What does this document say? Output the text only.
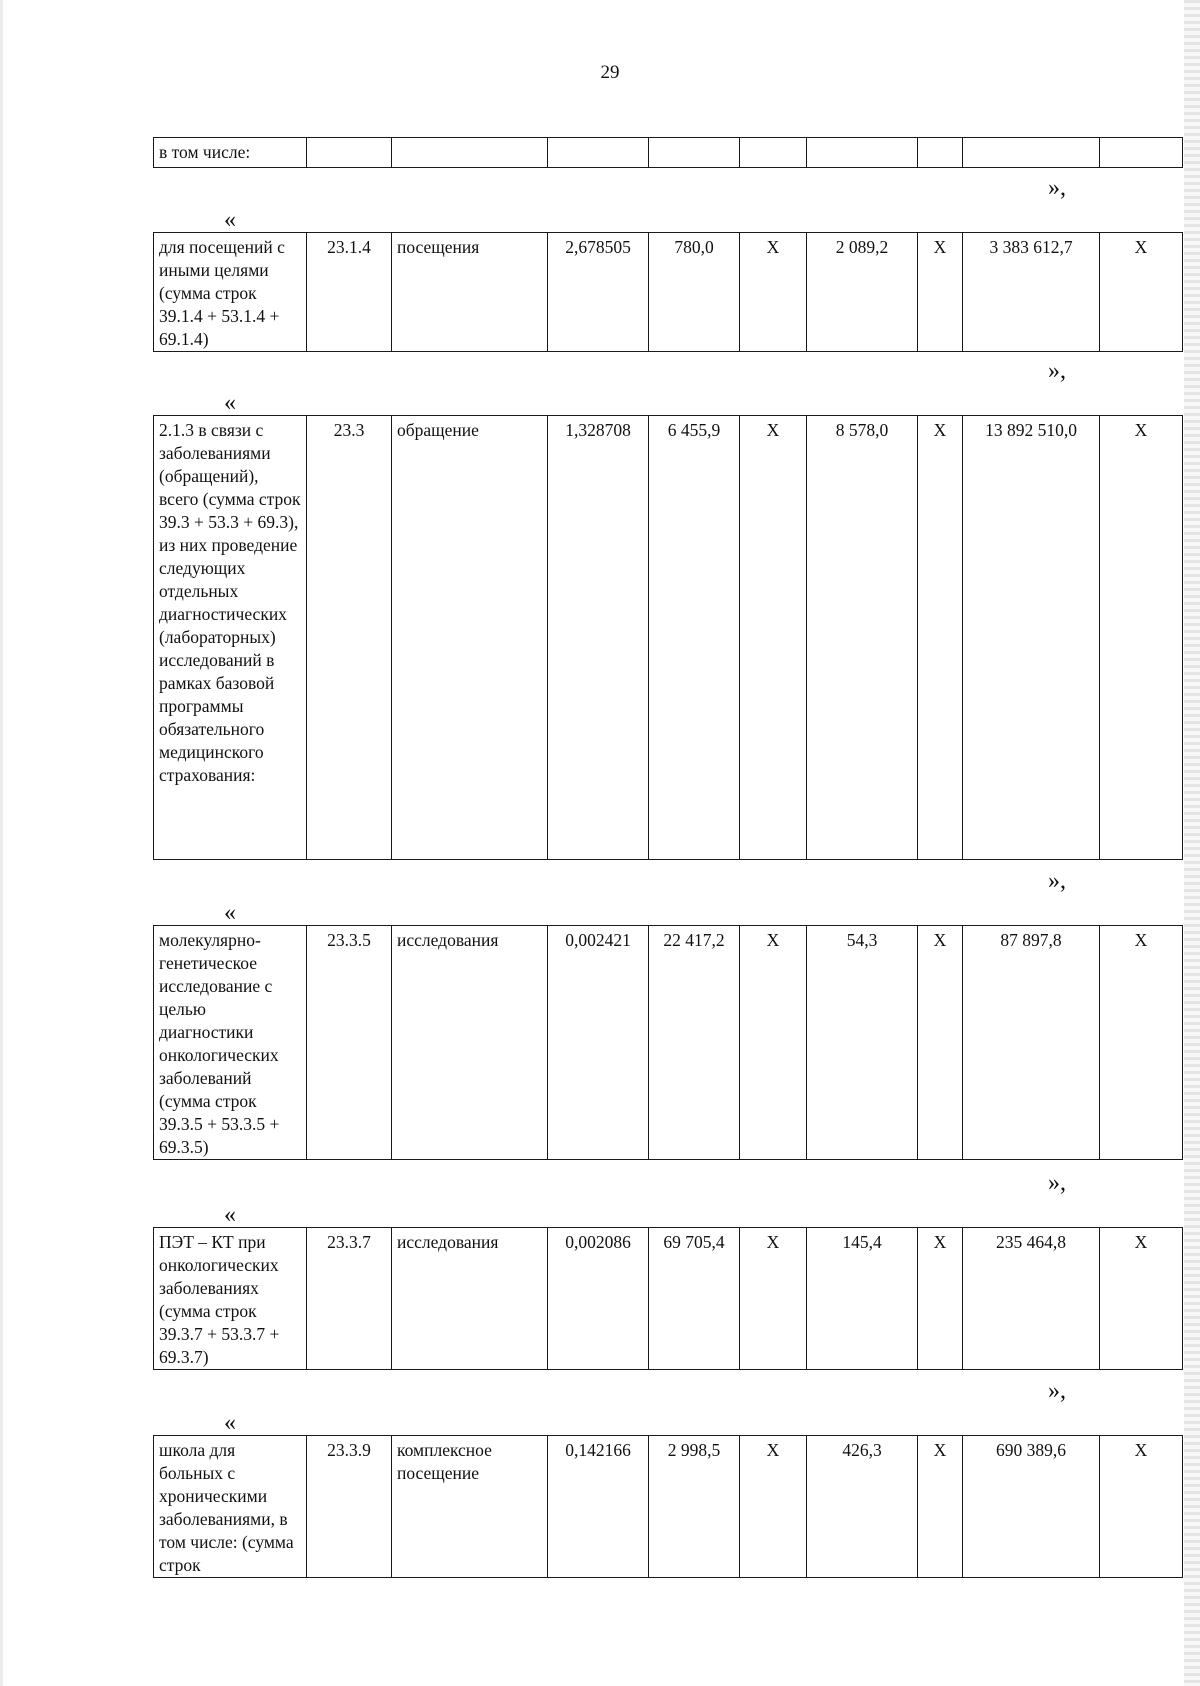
29
в том числе:									
»,
«
для посещений с иными целями (сумма строк 39.1.4 + 53.1.4 + 69.1.4)	23.1.4	посещения	2,678505	780,0	X	2 089,2	X	3 383 612,7	X
»,
«
2.1.3 в связи с заболеваниями (обращений), всего (сумма строк 39.3 + 53.3 + 69.3), из них проведение следующих отдельных диагностических (лабораторных) исследований в рамках базовой программы обязательного медицинского страхования:	23.3	обращение	1,328708	6 455,9	X	8 578,0	X	13 892 510,0	X
»,
«
молекулярно-генетическое исследование с целью диагностики онкологических заболеваний (сумма строк 39.3.5 + 53.3.5 + 69.3.5)	23.3.5	исследования	0,002421	22 417,2	X	54,3	X	87 897,8	X
»,
«
ПЭТ – КТ при онкологических заболеваниях (сумма строк 39.3.7 + 53.3.7 + 69.3.7)	23.3.7	исследования	0,002086	69 705,4	X	145,4	X	235 464,8	X
»,
«
школа для больных с хроническими заболеваниями, в том числе: (сумма строк	23.3.9	комплексное посещение	0,142166	2 998,5	X	426,3	X	690 389,6	X
